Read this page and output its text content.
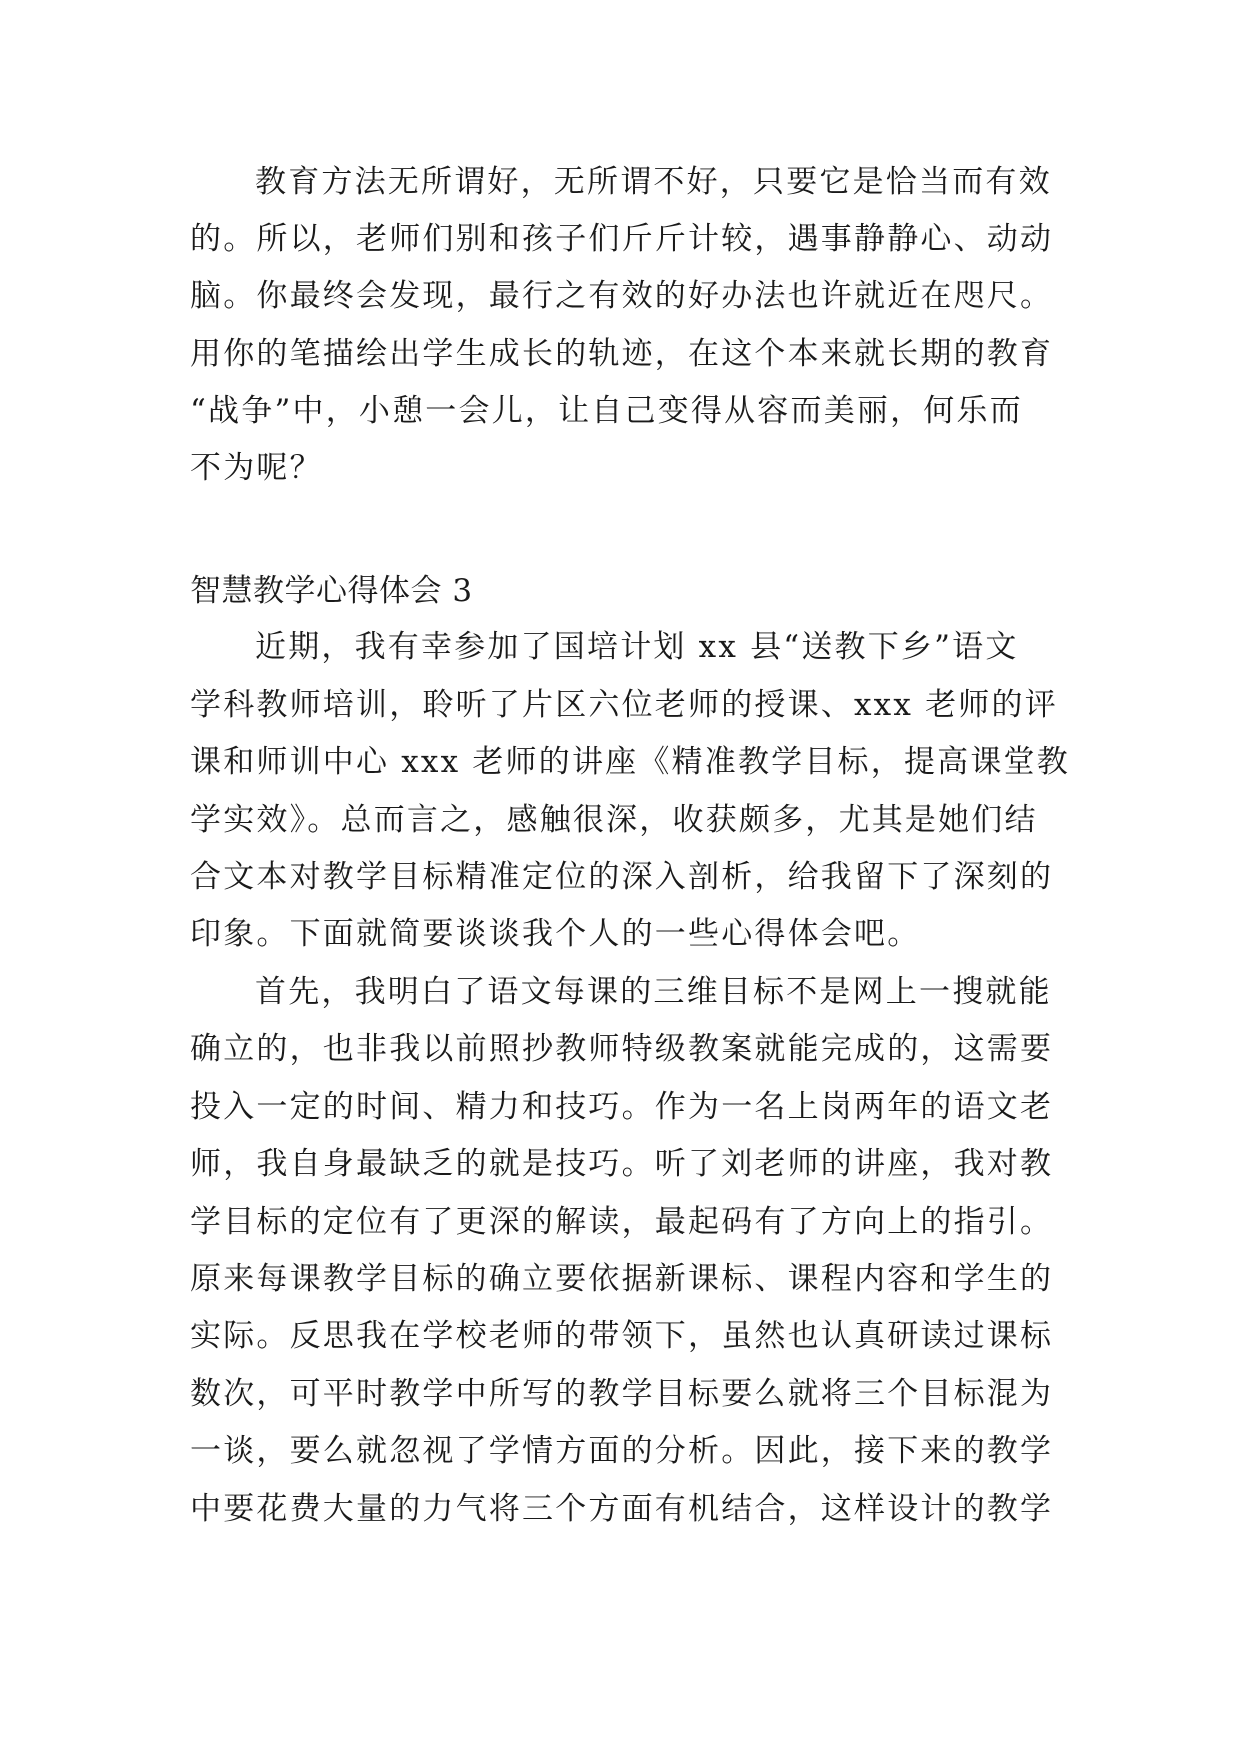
教育方法无所谓好，无所谓不好，只要它是恰当而有效
的。所以，老师们别和孩子们斤斤计较，遇事静静心、动动
脑。你最终会发现，最行之有效的好办法也许就近在咫尺。
用你的笔描绘出学生成长的轨迹，在这个本来就长期的教育
“战争”中，小憩一会儿，让自己变得从容而美丽，何乐而
不为呢？
智慧教学心得体会 3
近期，我有幸参加了国培计划 xx 县“送教下乡”语文
学科教师培训，聆听了片区六位老师的授课、xxx 老师的评
课和师训中心 xxx 老师的讲座《精准教学目标，提高课堂教
学实效》。总而言之，感触很深，收获颇多，尤其是她们结
合文本对教学目标精准定位的深入剖析，给我留下了深刻的
印象。下面就简要谈谈我个人的一些心得体会吧。
首先，我明白了语文每课的三维目标不是网上一搜就能
确立的，也非我以前照抄教师特级教案就能完成的，这需要
投入一定的时间、精力和技巧。作为一名上岗两年的语文老
师，我自身最缺乏的就是技巧。听了刘老师的讲座，我对教
学目标的定位有了更深的解读，最起码有了方向上的指引。
原来每课教学目标的确立要依据新课标、课程内容和学生的
实际。反思我在学校老师的带领下，虽然也认真研读过课标
数次，可平时教学中所写的教学目标要么就将三个目标混为
一谈，要么就忽视了学情方面的分析。因此，接下来的教学
中要花费大量的力气将三个方面有机结合，这样设计的教学
